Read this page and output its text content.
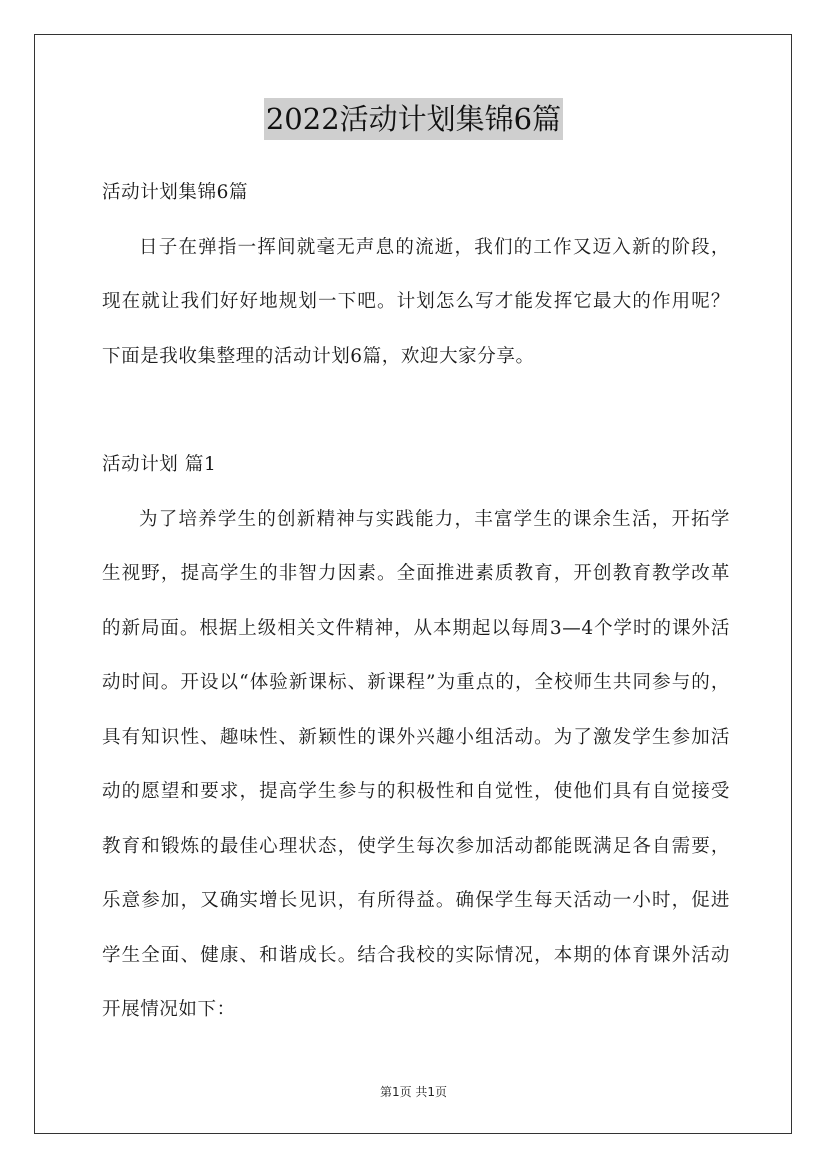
2022活动计划集锦6篇

活动计划集锦6篇

日子在弹指一挥间就毫无声息的流逝，我们的工作又迈入新的阶段，现在就让我们好好地规划一下吧。计划怎么写才能发挥它最大的作用呢？下面是我收集整理的活动计划6篇，欢迎大家分享。

活动计划 篇1

为了培养学生的创新精神与实践能力，丰富学生的课余生活，开拓学生视野，提高学生的非智力因素。全面推进素质教育，开创教育教学改革的新局面。根据上级相关文件精神，从本期起以每周3—4个学时的课外活动时间。开设以“体验新课标、新课程”为重点的，全校师生共同参与的，具有知识性、趣味性、新颖性的课外兴趣小组活动。为了激发学生参加活动的愿望和要求，提高学生参与的积极性和自觉性，使他们具有自觉接受教育和锻炼的最佳心理状态，使学生每次参加活动都能既满足各自需要，乐意参加，又确实增长见识，有所得益。确保学生每天活动一小时，促进学生全面、健康、和谐成长。结合我校的实际情况，本期的体育课外活动开展情况如下：

第1页 共1页
